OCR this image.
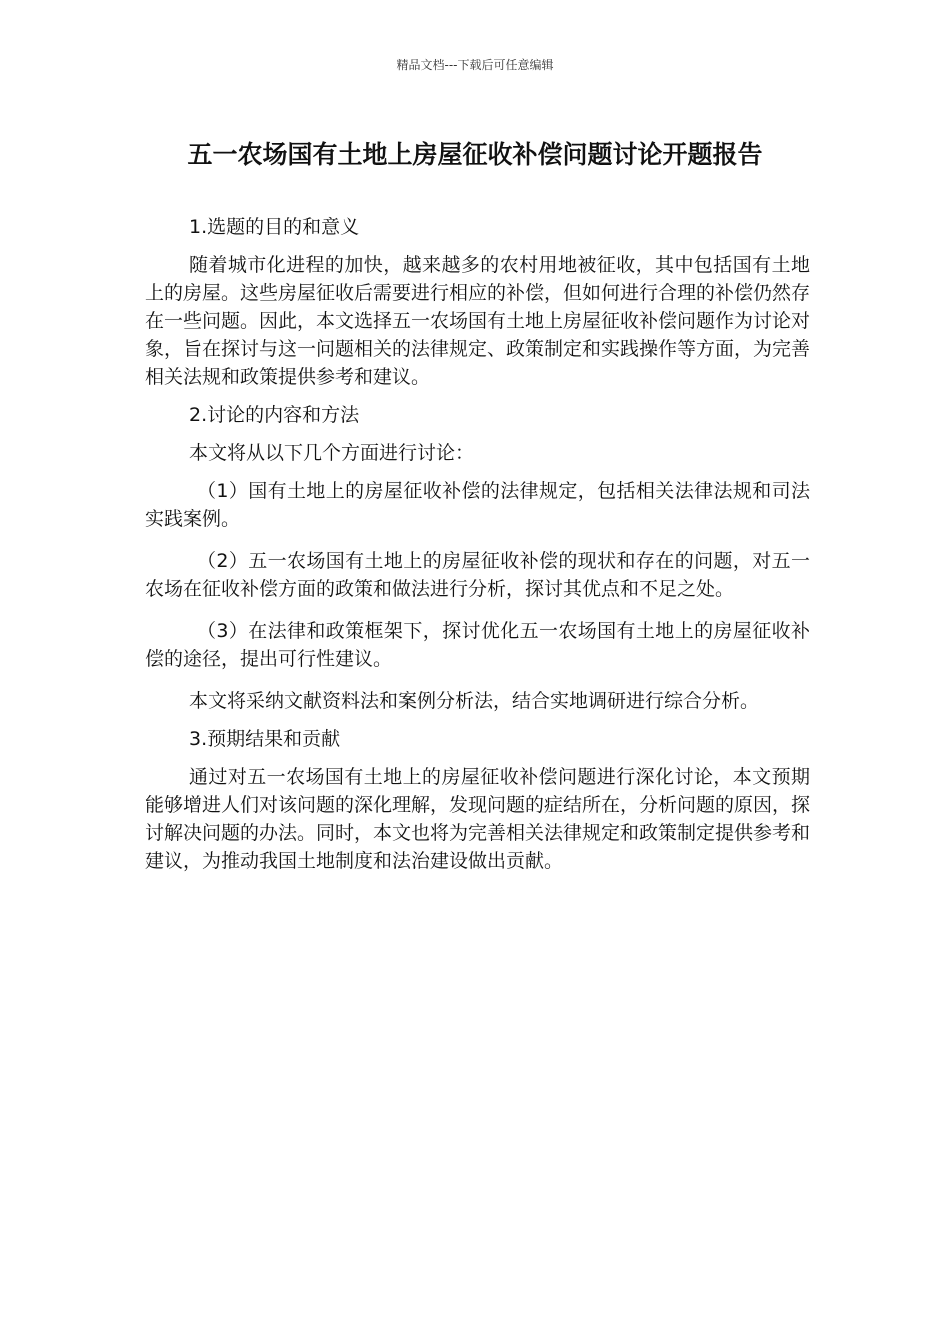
精品文档---下载后可任意编辑
五一农场国有土地上房屋征收补偿问题讨论开题报告

1.选题的目的和意义

随着城市化进程的加快，越来越多的农村用地被征收，其中包括国有土地上的房屋。这些房屋征收后需要进行相应的补偿，但如何进行合理的补偿仍然存在一些问题。因此，本文选择五一农场国有土地上房屋征收补偿问题作为讨论对象，旨在探讨与这一问题相关的法律规定、政策制定和实践操作等方面，为完善相关法规和政策提供参考和建议。

2.讨论的内容和方法

本文将从以下几个方面进行讨论：

（1）国有土地上的房屋征收补偿的法律规定，包括相关法律法规和司法实践案例。

（2）五一农场国有土地上的房屋征收补偿的现状和存在的问题，对五一农场在征收补偿方面的政策和做法进行分析，探讨其优点和不足之处。

（3）在法律和政策框架下，探讨优化五一农场国有土地上的房屋征收补偿的途径，提出可行性建议。

本文将采纳文献资料法和案例分析法，结合实地调研进行综合分析。

3.预期结果和贡献

通过对五一农场国有土地上的房屋征收补偿问题进行深化讨论，本文预期能够增进人们对该问题的深化理解，发现问题的症结所在，分析问题的原因，探讨解决问题的办法。同时，本文也将为完善相关法律规定和政策制定提供参考和建议，为推动我国土地制度和法治建设做出贡献。
